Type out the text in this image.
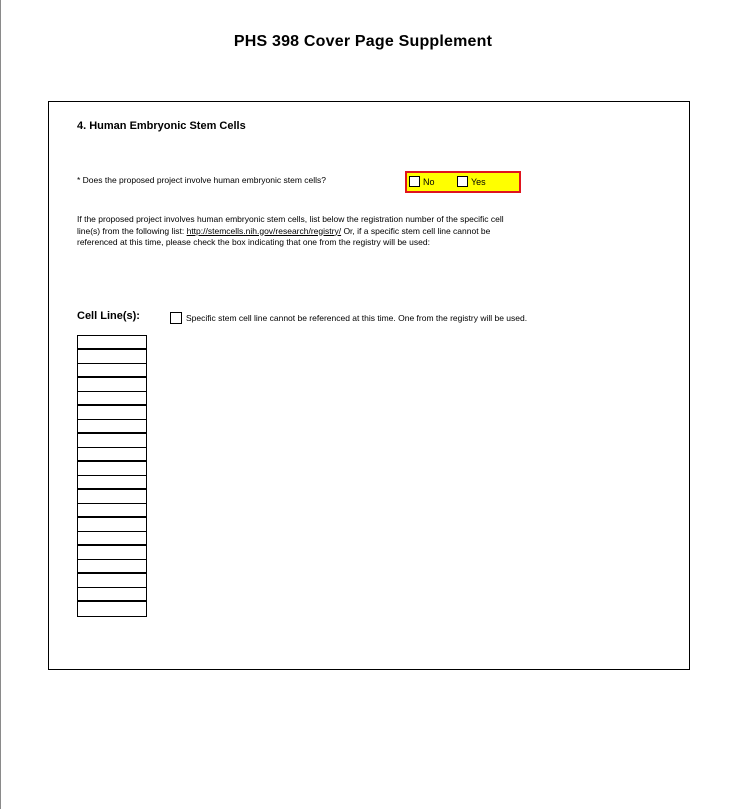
PHS 398 Cover Page Supplement
4. Human Embryonic Stem Cells
* Does the proposed project involve human embryonic stem cells?	No	Yes
If the proposed project involves human embryonic stem cells, list below the registration number of the specific cell line(s) from the following list: http://stemcells.nih.gov/research/registry/ Or, if a specific stem cell line cannot be referenced at this time, please check the box indicating that one from the registry will be used:
Cell Line(s):	Specific stem cell line cannot be referenced at this time. One from the registry will be used.
